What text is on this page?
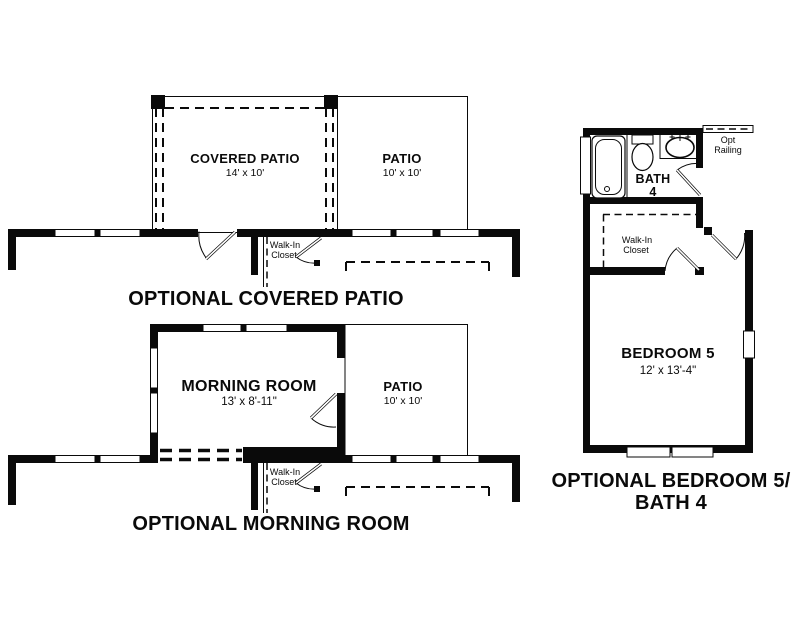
COVERED PATIO
14' x 10'
PATIO
10' x 10'
Walk-In
Closet
OPTIONAL COVERED PATIO
MORNING ROOM
13' x 8'-11"
PATIO
10' x 10'
Walk-In
Closet
OPTIONAL MORNING ROOM
BATH
4
Opt
Railing
Walk-In
Closet
BEDROOM 5
12' x 13'-4"
OPTIONAL BEDROOM 5/
BATH 4
